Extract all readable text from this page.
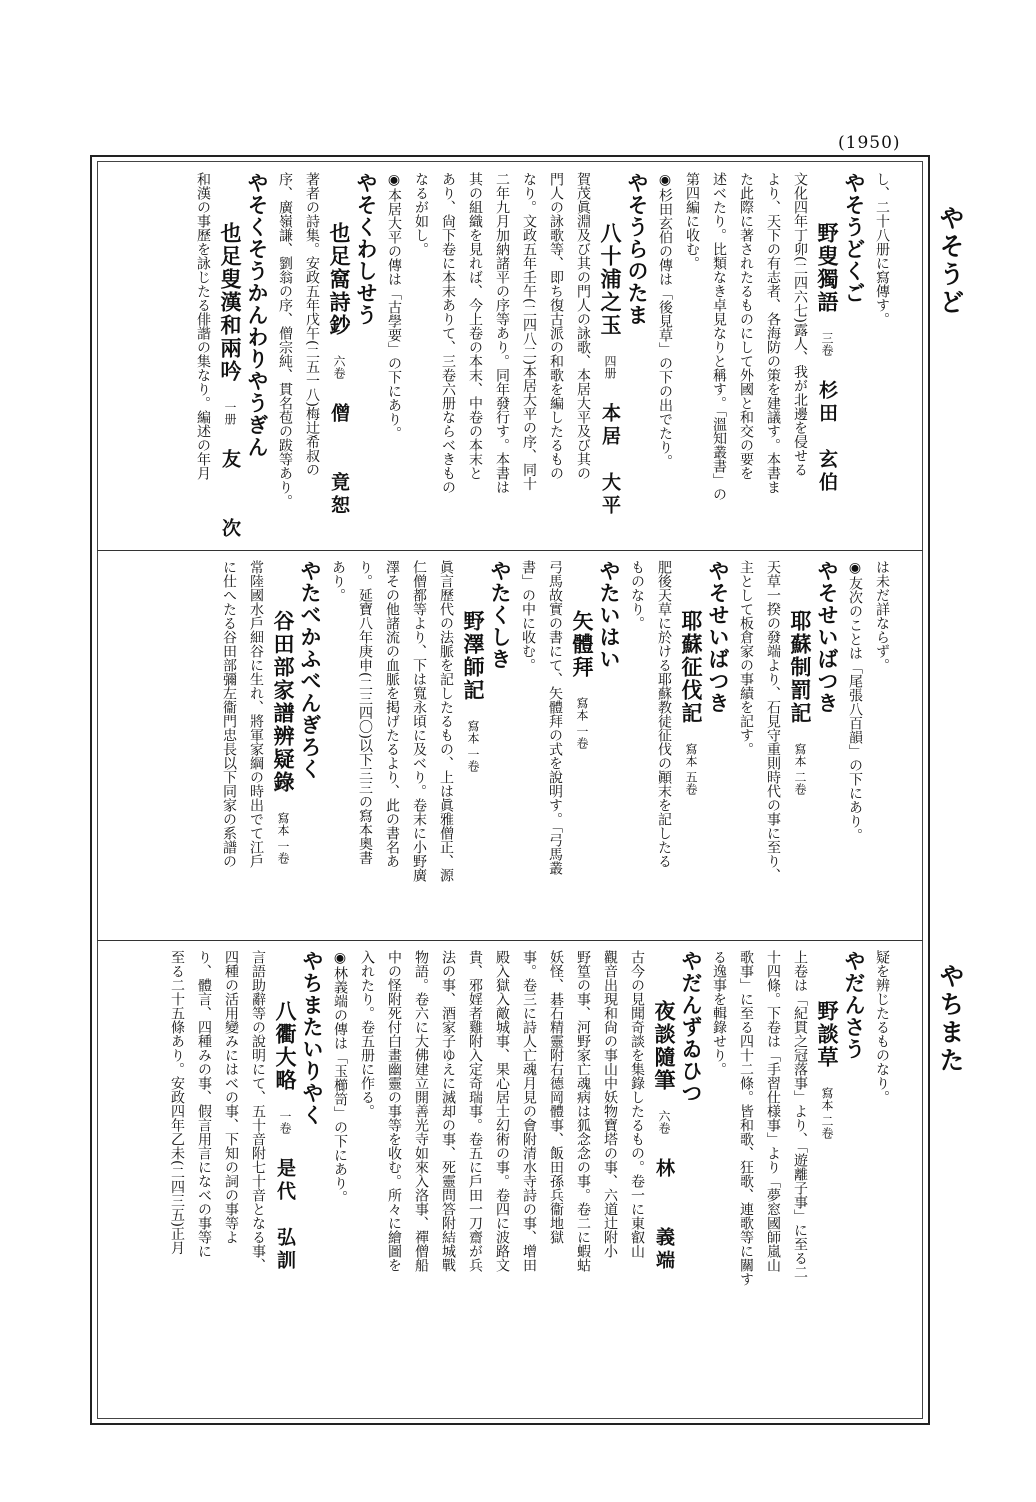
(1950)
やそうど
やちまた
し、二十八册に寫傳す。
やそうどくご
野叟獨語三卷杉田　玄伯
文化四年丁卯(二四六七)露人、我が北邊を侵せる
より、天下の有志者、各海防の策を建議す。本書ま
た此際に著されたるものにして外國と和交の要を
述べたり。比類なき卓見なりと稱す。「溫知叢書」の
第四編に收む。
◉杉田玄伯の傳は「後見草」の下の出でたり。
やそうらのたま
八十浦之玉四册本居　大平
賀茂眞淵及び其の門人の詠歌、本居大平及び其の
門人の詠歌等、即ち復古派の和歌を編したるもの
なり。文政五年壬午(二四八二)本居大平の序、同十
二年九月加納諸平の序等あり。同年發行す。本書は
其の組織を見れば、今上卷の本末、中卷の本末と
あり、尙下卷に本末ありて、三卷六册ならべきもの
なるが如し。
◉本居大平の傳は「古學要」の下にあり。
やそくわしせう
也足窩詩鈔六卷僧　　竟恕
著者の詩集。安政五年戊午(二五一八)梅辻希叔の
序、廣嶺謙、劉翁の序、僧宗純、貫名苞の跋等あり。
やそくそうかんわりやうぎん
也足叟漢和兩吟一册友　　次
和漢の事歷を詠じたる俳諧の集なり。編述の年月
は未だ詳ならず。
◉友次のことは「尾張八百韻」の下にあり。
やそせいばつき
耶蘇制罰記寫本 二卷
天草一揆の發端より、石見守重則時代の事に至り、
主として板倉家の事績を記す。
やそせいばつき
耶蘇征伐記寫本 五卷
肥後天草に於ける耶蘇教徒征伐の顚末を記したる
ものなり。
やたいはい
矢體拜寫本 一卷
弓馬故實の書にて、矢體拜の式を說明す。「弓馬叢
書」の中に收む。
やたくしき
野澤師記寫本 一卷
眞言歷代の法脈を記したるもの、上は眞雅僧正、源
仁僧都等より、下は寬永頃に及べり。卷末に小野廣
澤その他諸流の血脈を掲げたるより、此の書名あ
り。延寶八年庚申(二三四〇)以下三三の寫本奧書
あり。
やたべかふべんぎろく
谷田部家譜辨疑錄寫本 一卷
常陸國水戶細谷に生れ、將軍家綱の時出でて江戶
に仕へたる谷田部彌左衞門忠長以下同家の系譜の
疑を辨じたるものなり。
やだんさう
野談草寫本 二卷
上卷は「紀貫之冠落事」より、「遊離子事」に至る二
十四條。下卷は「手習仕様事」より「夢窓國師嵐山
歌事」に至る四十二條。皆和歌、狂歌、連歌等に關す
る逸事を輯錄せり。
やだんずゐひつ
夜談隨筆六卷林　　義端
古今の見聞奇談を集錄したるもの。卷一に東叡山
觀音出現和尙の事山中妖物寶塔の事、六道辻附小
野篁の事、河野家亡魂病は狐念念の事。卷二に蝦蛄
妖怪、碁石精靈附右德岡體事、飯田孫兵衞地獄
事。卷三に詩人亡魂月見の會附清水寺詩の事、增田
殿入獄入敵城事、果心居士幻術の事。卷四に波路文
貴、邪婬者雞附入定奇瑞事。卷五に戶田一刀齋が兵
法の事、酒家子ゆえに滅却の事、死靈問答附結城戰
物語。卷六に大佛建立開善光寺如來入洛事、禪僧船
中の怪附死付白畫幽靈の事等を收む。所々に繪圖を
入れたり。卷五册に作る。
◉林義端の傳は「玉櫛笥」の下にあり。
やちまたいりやく
八衢大略一卷是代　弘訓
言語助辭等の說明にて、五十音附七十音となる事、
四種の活用變みにはべの事、下知の詞の事等よ
り、體言、四種みの事、假言用言になべの事等に
至る二十五條あり。安政四年乙未(二四三五)正月
